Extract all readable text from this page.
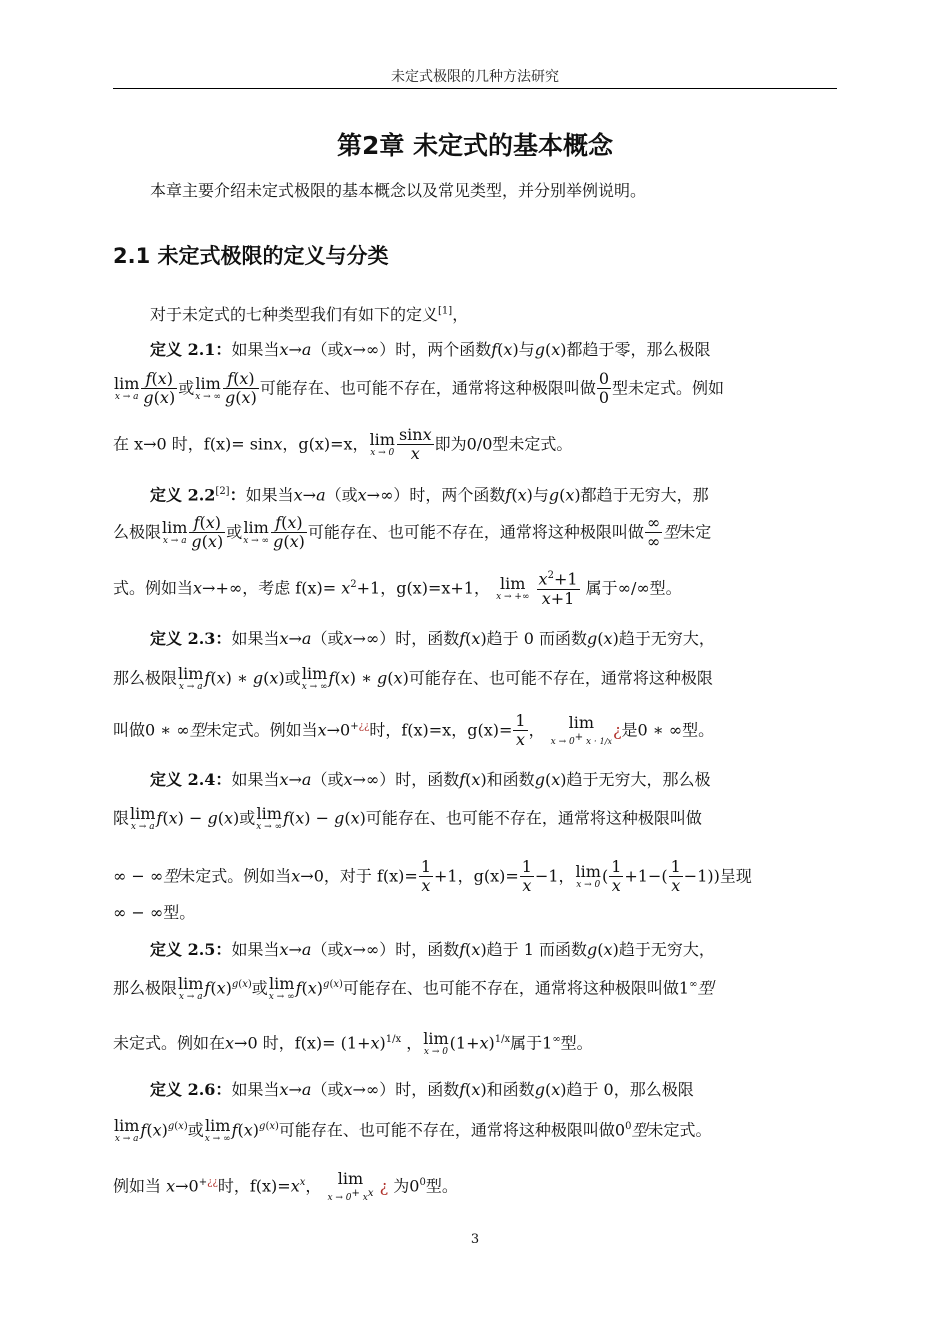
未定式极限的几种方法研究
第2章 未定式的基本概念
本章主要介绍未定式极限的基本概念以及常见类型，并分别举例说明。
2.1 未定式极限的定义与分类
对于未定式的七种类型我们有如下的定义[1]，
定义 2.1：如果当x→a（或x→∞）时，两个函数f(x)与g(x)都趋于零，那么极限
lim
x → a $\frac{f(x)}{g(x)}$ 或 lim
x → ∞ $\frac{f(x)}{g(x)}$ 可能存在、也可能不存在，通常将这种极限叫做 $\frac{0}{0}$ 型未定式。例如
在 x→0 时，f(x)= sinx，g(x)=x， lim
$x \to 0 \frac{\sin x}{x}$ 即为0/0型未定式。
定义 2.2[2]：如果当x→a（或x→∞）时，两个函数f(x)与g(x)都趋于无穷大，那
么极限 lim
x → a $\frac{f(x)}{g(x)}$ 或 lim
x → ∞ $\frac{f(x)}{g(x)}$ 可能存在、也可能不存在，通常将这种极限叫做 $\frac{\infty}{\infty}$ 型未定
式。例如当x→+∞，考虑 $f(x)= x^2+1$，g(x)=x+1， lim
x → +∞
$\frac{x^2+1}{x+1}$ 属于∞/∞型。
定义 2.3：如果当x→a（或x→∞）时，函数f(x)趋于 0 而函数g(x)趋于无穷大，
那么极限 lim
x → a f(x) ∗ g(x)或 lim
x → ∞ f(x) ∗ g(x)可能存在、也可能不存在，通常将这种极限
叫做0 ∗ ∞型未定式。例如当x→0+¿¿时，f(x)=x，$g(x)= \frac{1}{x}$ ，	lim
x → 0+ x · 1/x
¿是0 ∗ ∞型。
定义 2.4：如果当x→a（或x→∞）时，函数f(x)和函数g(x)趋于无穷大，那么极
限 lim
x → a f(x) − g(x)或 lim
x → ∞ f(x) − g(x)可能存在、也可能不存在，通常将这种极限叫做
∞ − ∞型未定式。例如当x→0，对于 $f(x)= \frac{1}{x} +1$，$g(x)= \frac{1}{x} -1$， lim
x → 0 ( $\frac{1}{x} +1-( \frac{1}{x} -1)$)呈现
∞ − ∞型。
定义 2.5：如果当x→a（或x→∞）时，函数f(x)趋于 1 而函数g(x)趋于无穷大，
那么极限 lim
x → a $f(x)^{g(x)}$或 lim
x → ∞ $f(x)^{g(x)}$可能存在、也可能不存在，通常将这种极限叫做1∞型
未定式。例如在x→0 时，$f(x)= (1+x)^{1/x}$ ， lim
x → 0 $(1+x)^{1/x}$属于1∞型。
定义 2.6：如果当x→a（或x→∞）时，函数f(x)和函数g(x)趋于 0，那么极限
lim
x → a $f(x)^{g(x)}$或 lim
x → ∞ $f(x)^{g(x)}$可能存在、也可能不存在，通常将这种极限叫做$0^0$型未定式。
例如当 x→0+¿¿时，$f(x)=x^x$， lim
x → 0+ $x^x$ ¿ 为$0^0$型。
3
